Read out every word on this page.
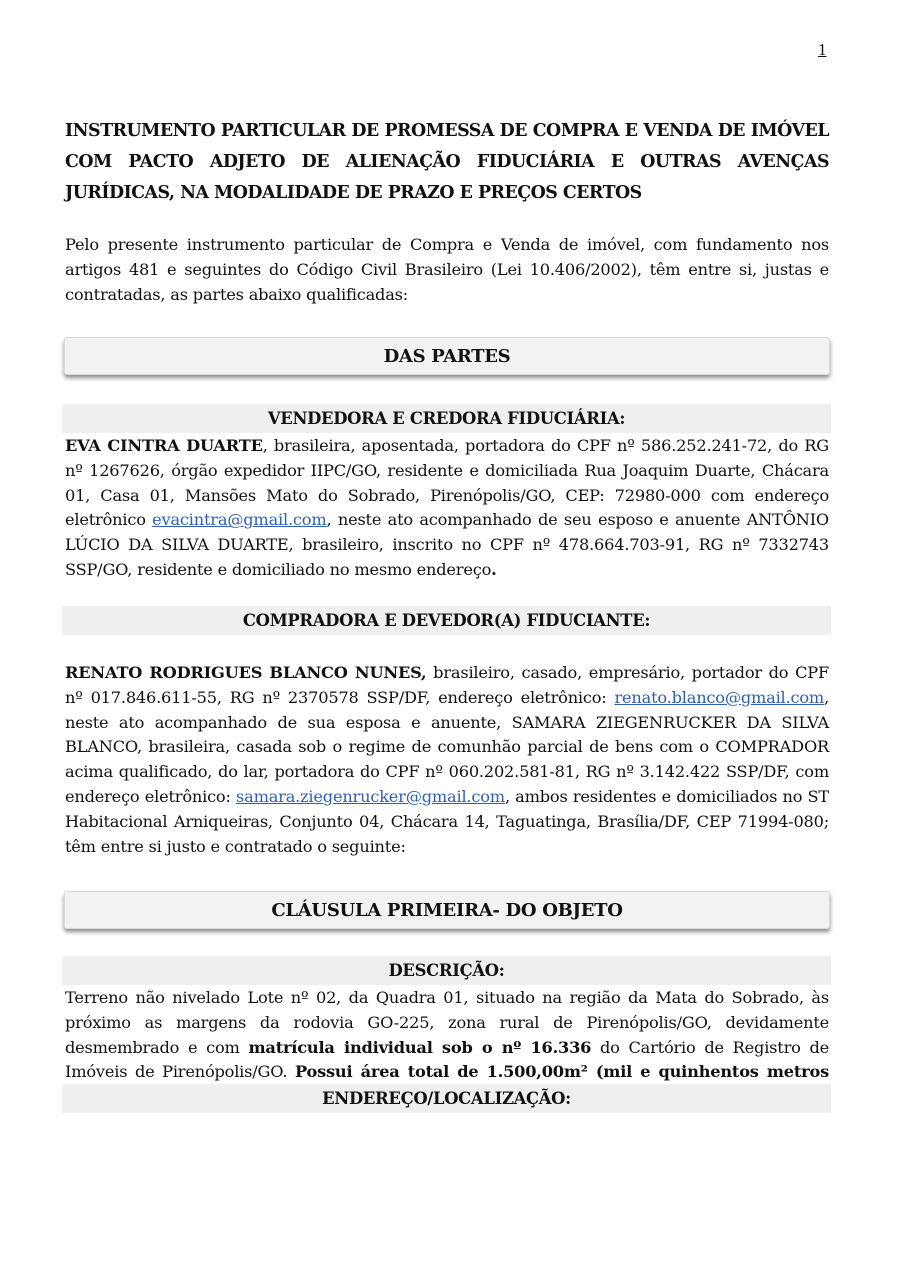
1
INSTRUMENTO PARTICULAR DE PROMESSA DE COMPRA E VENDA DE IMÓVEL COM PACTO ADJETO DE ALIENAÇÃO FIDUCIÁRIA E OUTRAS AVENÇAS JURÍDICAS, NA MODALIDADE DE PRAZO E PREÇOS CERTOS

Pelo presente instrumento particular de Compra e Venda de imóvel, com fundamento nos artigos 481 e seguintes do Código Civil Brasileiro (Lei 10.406/2002), têm entre si, justas e contratadas, as partes abaixo qualificadas:

DAS PARTES
VENDEDORA E CREDORA FIDUCIÁRIA:

EVA CINTRA DUARTE, brasileira, aposentada, portadora do CPF nº 586.252.241-72, do RG nº 1267626, órgão expedidor IIPC/GO, residente e domiciliada Rua Joaquim Duarte, Chácara 01, Casa 01, Mansões Mato do Sobrado, Pirenópolis/GO, CEP: 72980-000 com endereço eletrônico evacintra@gmail.com, neste ato acompanhado de seu esposo e anuente ANTÔNIO LÚCIO DA SILVA DUARTE, brasileiro, inscrito no CPF nº 478.664.703-91, RG nº 7332743 SSP/GO, residente e domiciliado no mesmo endereço.

COMPRADORA E DEVEDOR(A) FIDUCIANTE:

RENATO RODRIGUES BLANCO NUNES, brasileiro, casado, empresário, portador do CPF nº 017.846.611-55, RG nº 2370578 SSP/DF, endereço eletrônico: renato.blanco@gmail.com, neste ato acompanhado de sua esposa e anuente, SAMARA ZIEGENRUCKER DA SILVA BLANCO, brasileira, casada sob o regime de comunhão parcial de bens com o COMPRADOR acima qualificado, do lar, portadora do CPF nº 060.202.581-81, RG nº 3.142.422 SSP/DF, com endereço eletrônico: samara.ziegenrucker@gmail.com, ambos residentes e domiciliados no ST Habitacional Arniqueiras, Conjunto 04, Chácara 14, Taguatinga, Brasília/DF, CEP 71994-080; têm entre si justo e contratado o seguinte:

CLÁUSULA PRIMEIRA- DO OBJETO
DESCRIÇÃO:

Terreno não nivelado Lote nº 02, da Quadra 01, situado na região da Mata do Sobrado, às próximo as margens da rodovia GO-225, zona rural de Pirenópolis/GO, devidamente desmembrado e com matrícula individual sob o nº 16.336 do Cartório de Registro de Imóveis de Pirenópolis/GO. Possui área total de 1.500,00m² (mil e quinhentos metros

ENDEREÇO/LOCALIZAÇÃO:
